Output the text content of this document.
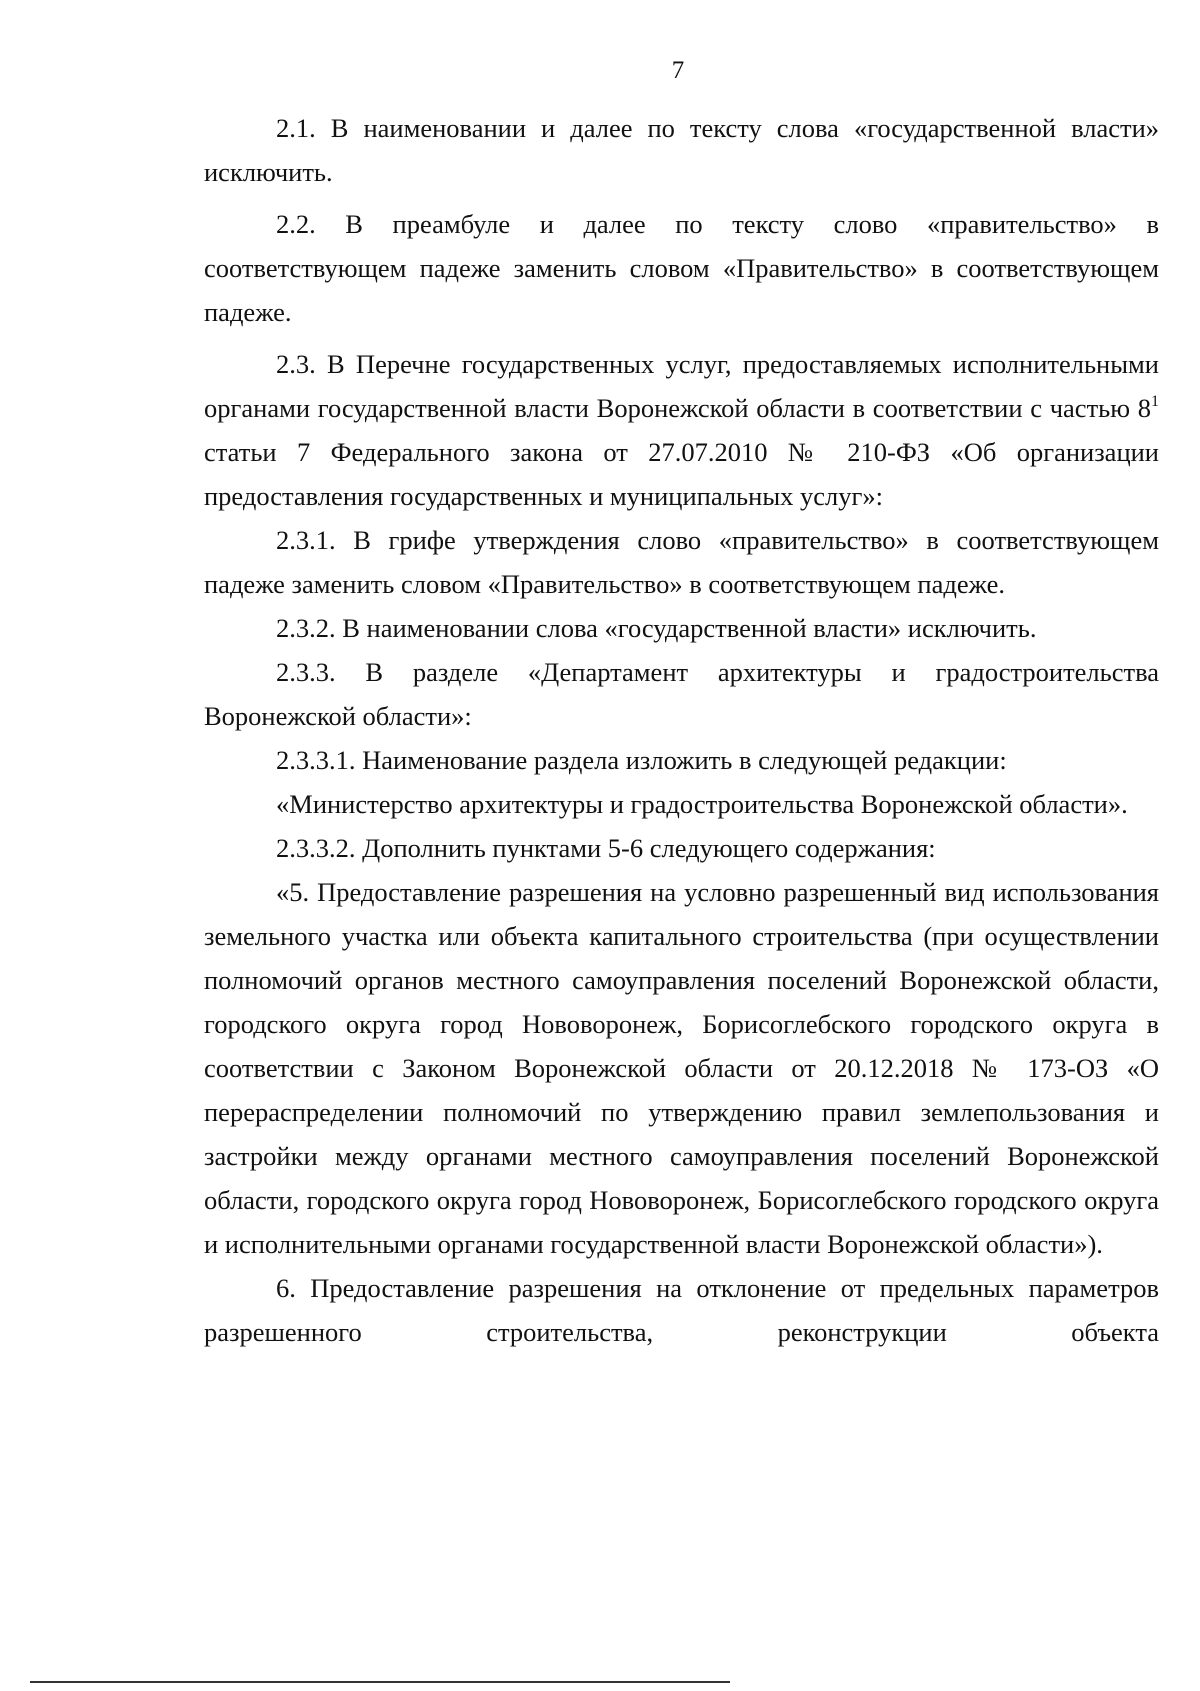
7

2.1. В наименовании и далее по тексту слова «государственной власти» исключить.

2.2. В преамбуле и далее по тексту слово «правительство» в соответствующем падеже заменить словом «Правительство» в соответствующем падеже.

2.3. В Перечне государственных услуг, предоставляемых исполнительными органами государственной власти Воронежской области в соответствии с частью $8^1$ статьи 7 Федерального закона от 27.07.2010 № 210-ФЗ «Об организации предоставления государственных и муниципальных услуг»:

2.3.1. В грифе утверждения слово «правительство» в соответствующем падеже заменить словом «Правительство» в соответствующем падеже.

2.3.2. В наименовании слова «государственной власти» исключить.

2.3.3. В разделе «Департамент архитектуры и градостроительства Воронежской области»:

2.3.3.1. Наименование раздела изложить в следующей редакции:

«Министерство архитектуры и градостроительства Воронежской области».

2.3.3.2. Дополнить пунктами 5-6 следующего содержания:

«5. Предоставление разрешения на условно разрешенный вид использования земельного участка или объекта капитального строительства (при осуществлении полномочий органов местного самоуправления поселений Воронежской области, городского округа город Нововоронеж, Борисоглебского городского округа в соответствии с Законом Воронежской области от 20.12.2018 № 173-ОЗ «О перераспределении полномочий по утверждению правил землепользования и застройки между органами местного самоуправления поселений Воронежской области, городского округа город Нововоронеж, Борисоглебского городского округа и исполнительными органами государственной власти Воронежской области»).

6. Предоставление разрешения на отклонение от предельных параметров разрешенного строительства, реконструкции объекта
